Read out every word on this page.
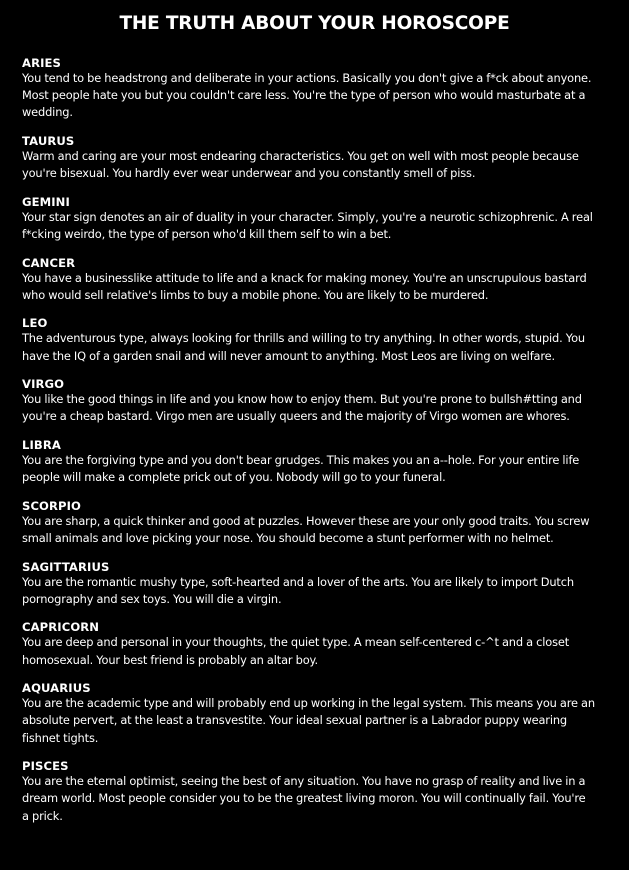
THE TRUTH ABOUT YOUR HOROSCOPE
ARIES
You tend to be headstrong and deliberate in your actions. Basically you don't give a f*ck about anyone.
Most people hate you but you couldn't care less. You're the type of person who would masturbate at a
wedding.
TAURUS
Warm and caring are your most endearing characteristics. You get on well with most people because
you're bisexual. You hardly ever wear underwear and you constantly smell of piss.
GEMINI
Your star sign denotes an air of duality in your character. Simply, you're a neurotic schizophrenic. A real
f*cking weirdo, the type of person who'd kill them self to win a bet.
CANCER
You have a businesslike attitude to life and a knack for making money. You're an unscrupulous bastard
who would sell relative's limbs to buy a mobile phone. You are likely to be murdered.
LEO
The adventurous type, always looking for thrills and willing to try anything. In other words, stupid. You
have the IQ of a garden snail and will never amount to anything. Most Leos are living on welfare.
VIRGO
You like the good things in life and you know how to enjoy them. But you're prone to bullsh#tting and
you're a cheap bastard. Virgo men are usually queers and the majority of Virgo women are whores.
LIBRA
You are the forgiving type and you don't bear grudges. This makes you an a--hole. For your entire life
people will make a complete prick out of you. Nobody will go to your funeral.
SCORPIO
You are sharp, a quick thinker and good at puzzles. However these are your only good traits. You screw
small animals and love picking your nose. You should become a stunt performer with no helmet.
SAGITTARIUS
You are the romantic mushy type, soft-hearted and a lover of the arts. You are likely to import Dutch
pornography and sex toys. You will die a virgin.
CAPRICORN
You are deep and personal in your thoughts, the quiet type. A mean self-centered c-^t and a closet
homosexual. Your best friend is probably an altar boy.
AQUARIUS
You are the academic type and will probably end up working in the legal system. This means you are an
absolute pervert, at the least a transvestite. Your ideal sexual partner is a Labrador puppy wearing
fishnet tights.
PISCES
You are the eternal optimist, seeing the best of any situation. You have no grasp of reality and live in a
dream world. Most people consider you to be the greatest living moron. You will continually fail. You're
a prick.
